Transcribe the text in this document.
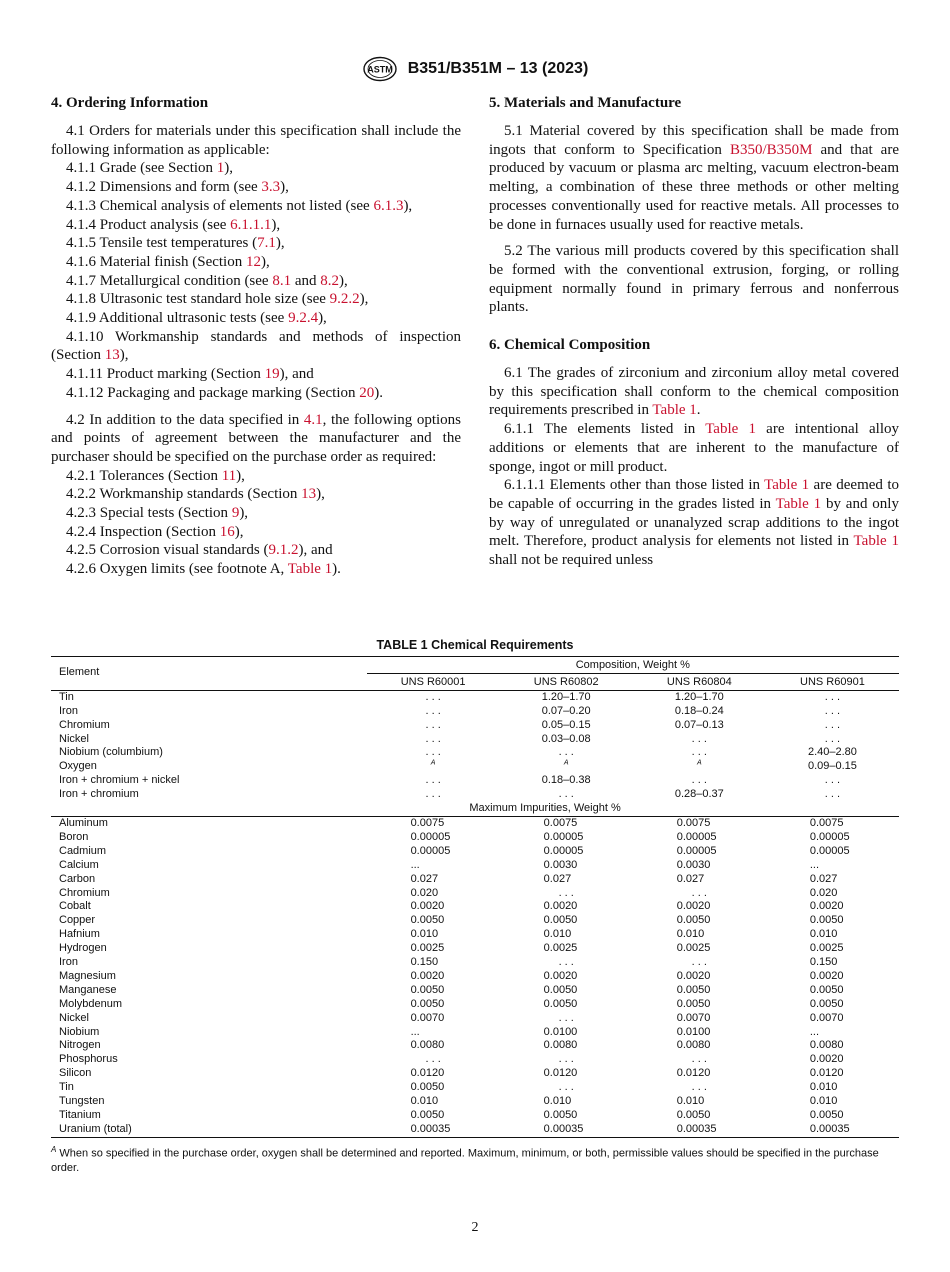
ASTM B351/B351M – 13 (2023)
4. Ordering Information

4.1 Orders for materials under this specification shall include the following information as applicable:

4.1.1 Grade (see Section 1),

4.1.2 Dimensions and form (see 3.3),

4.1.3 Chemical analysis of elements not listed (see 6.1.3),

4.1.4 Product analysis (see 6.1.1.1),

4.1.5 Tensile test temperatures (7.1),

4.1.6 Material finish (Section 12),

4.1.7 Metallurgical condition (see 8.1 and 8.2),

4.1.8 Ultrasonic test standard hole size (see 9.2.2),

4.1.9 Additional ultrasonic tests (see 9.2.4),

4.1.10 Workmanship standards and methods of inspection (Section 13),

4.1.11 Product marking (Section 19), and

4.1.12 Packaging and package marking (Section 20).

4.2 In addition to the data specified in 4.1, the following options and points of agreement between the manufacturer and the purchaser should be specified on the purchase order as required:

4.2.1 Tolerances (Section 11),

4.2.2 Workmanship standards (Section 13),

4.2.3 Special tests (Section 9),

4.2.4 Inspection (Section 16),

4.2.5 Corrosion visual standards (9.1.2), and

4.2.6 Oxygen limits (see footnote A, Table 1).

5. Materials and Manufacture

5.1 Material covered by this specification shall be made from ingots that conform to Specification B350/B350M and that are produced by vacuum or plasma arc melting, vacuum electron-beam melting, a combination of these three methods or other melting processes conventionally used for reactive metals. All processes to be done in furnaces usually used for reactive metals.

5.2 The various mill products covered by this specification shall be formed with the conventional extrusion, forging, or rolling equipment normally found in primary ferrous and nonferrous plants.

6. Chemical Composition

6.1 The grades of zirconium and zirconium alloy metal covered by this specification shall conform to the chemical composition requirements prescribed in Table 1.

6.1.1 The elements listed in Table 1 are intentional alloy additions or elements that are inherent to the manufacture of sponge, ingot or mill product.

6.1.1.1 Elements other than those listed in Table 1 are deemed to be capable of occurring in the grades listed in Table 1 by and only by way of unregulated or unanalyzed scrap additions to the ingot melt. Therefore, product analysis for elements not listed in Table 1 shall not be required unless

TABLE 1 Chemical Requirements
Element	Composition, Weight %			
	UNS R60001	UNS R60802	UNS R60804	UNS R60901
Tin	. . .	1.20–1.70	1.20–1.70	. . .
Iron	. . .	0.07–0.20	0.18–0.24	. . .
Chromium	. . .	0.05–0.15	0.07–0.13	. . .
Nickel	. . .	0.03–0.08	. . .	. . .
Niobium (columbium)	. . .	. . .	. . .	2.40–2.80
Oxygen	$^A$	$^A$	$^A$	0.09–0.15
Iron + chromium + nickel	. . .	0.18–0.38	. . .	. . .
Iron + chromium	. . .	. . .	0.28–0.37	. . .
	Maximum Impurities, Weight %			
Aluminum	0.0075	0.0075	0.0075	0.0075
Boron	0.00005	0.00005	0.00005	0.00005
Cadmium	0.00005	0.00005	0.00005	0.00005
Calcium	...	0.0030	0.0030	...
Carbon	0.027	0.027	0.027	0.027
Chromium	0.020	. . .	. . .	0.020
Cobalt	0.0020	0.0020	0.0020	0.0020
Copper	0.0050	0.0050	0.0050	0.0050
Hafnium	0.010	0.010	0.010	0.010
Hydrogen	0.0025	0.0025	0.0025	0.0025
Iron	0.150	. . .	. . .	0.150
Magnesium	0.0020	0.0020	0.0020	0.0020
Manganese	0.0050	0.0050	0.0050	0.0050
Molybdenum	0.0050	0.0050	0.0050	0.0050
Nickel	0.0070	. . .	0.0070	0.0070
Niobium	...	0.0100	0.0100	...
Nitrogen	0.0080	0.0080	0.0080	0.0080
Phosphorus	. . .	. . .	. . .	0.0020
Silicon	0.0120	0.0120	0.0120	0.0120
Tin	0.0050	. . .	. . .	0.010
Tungsten	0.010	0.010	0.010	0.010
Titanium	0.0050	0.0050	0.0050	0.0050
Uranium (total)	0.00035	0.00035	0.00035	0.00035
$^A$ When so specified in the purchase order, oxygen shall be determined and reported. Maximum, minimum, or both, permissible values should be specified in the purchase order.
2
